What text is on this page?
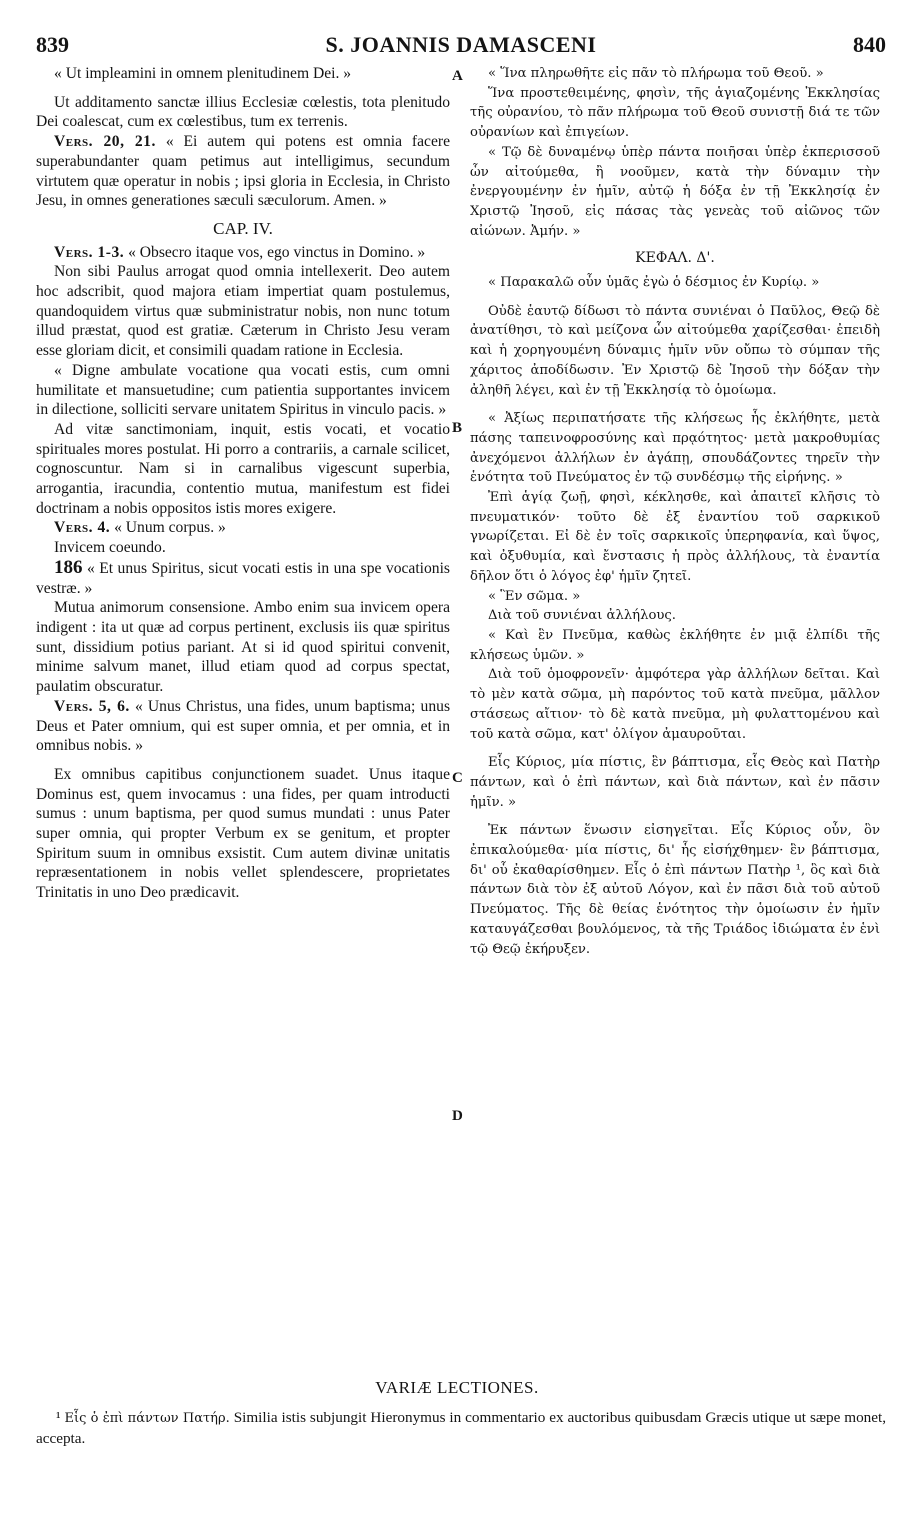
839	S. JOANNIS DAMASCENI	840

« Ut impleamini in omnem plenitudinem Dei. »

Ut additamento sanctæ illius Ecclesiæ cœlestis, tota plenitudo Dei coalescat, cum ex cœlestibus, tum ex terrenis.

Vers. 20, 21. « Ei autem qui potens est omnia facere superabundanter quam petimus aut intelligimus, secundum virtutem quæ operatur in nobis ; ipsi gloria in Ecclesia, in Christo Jesu, in omnes generationes sæculi sæculorum. Amen. »

CAP. IV.

Vers. 1-3. « Obsecro itaque vos, ego vinctus in Domino. »

Non sibi Paulus arrogat quod omnia intellexerit. Deo autem hoc adscribit, quod majora etiam impertiat quam postulemus, quandoquidem virtus quæ subministratur nobis, non nunc totum illud præstat, quod est gratiæ. Cæterum in Christo Jesu veram esse gloriam dicit, et consimili quadam ratione in Ecclesia.

« Digne ambulate vocatione qua vocati estis, cum omni humilitate et mansuetudine; cum patientia supportantes invicem in dilectione, solliciti servare unitatem Spiritus in vinculo pacis. »

Ad vitæ sanctimoniam, inquit, estis vocati, et vocatio spirituales mores postulat. Hi porro a contrariis, a carnale scilicet, cognoscuntur. Nam si in carnalibus vigescunt superbia, arrogantia, iracundia, contentio mutua, manifestum est fidei doctrinam a nobis oppositos istis mores exigere.

Vers. 4. « Unum corpus. »

Invicem coeundo.

186 « Et unus Spiritus, sicut vocati estis in una spe vocationis vestræ. »

Mutua animorum consensione. Ambo enim sua invicem opera indigent : ita ut quæ ad corpus pertinent, exclusis iis quæ spiritus sunt, dissidium potius pariant. At si id quod spiritui convenit, minime salvum manet, illud etiam quod ad corpus spectat, paulatim obscuratur.

Vers. 5, 6. « Unus Christus, una fides, unum baptisma; unus Deus et Pater omnium, qui est super omnia, et per omnia, et in omnibus nobis. »

Ex omnibus capitibus conjunctionem suadet. Unus itaque Dominus est, quem invocamus : una fides, per quam introducti sumus : unum baptisma, per quod sumus mundati : unus Pater super omnia, qui propter Verbum ex se genitum, et propter Spiritum suum in omnibus exsistit. Cum autem divinæ unitatis repræsentationem in nobis vellet splendescere, proprietates Trinitatis in uno Deo prædicavit.

A
B
C
D

« Ἵνα πληρωθῆτε εἰς πᾶν τὸ πλήρωμα τοῦ Θεοῦ. »

Ἵνα προστεθειμένης, φησὶν, τῆς ἁγιαζομένης Ἐκκλησίας τῆς οὐρανίου, τὸ πᾶν πλήρωμα τοῦ Θεοῦ συνιστῇ διά τε τῶν οὐρανίων καὶ ἐπιγείων.

« Τῷ δὲ δυναμένῳ ὑπὲρ πάντα ποιῆσαι ὑπὲρ ἐκπερισσοῦ ὧν αἰτούμεθα, ἢ νοοῦμεν, κατὰ τὴν δύναμιν τὴν ἐνεργουμένην ἐν ἡμῖν, αὐτῷ ἡ δόξα ἐν τῇ Ἐκκλησίᾳ ἐν Χριστῷ Ἰησοῦ, εἰς πάσας τὰς γενεὰς τοῦ αἰῶνος τῶν αἰώνων. Ἀμήν. »

ΚΕΦΑΛ. Δ'.

« Παρακαλῶ οὖν ὑμᾶς ἐγὼ ὁ δέσμιος ἐν Κυρίῳ. »

Οὐδὲ ἑαυτῷ δίδωσι τὸ πάντα συνιέναι ὁ Παῦλος, Θεῷ δὲ ἀνατίθησι, τὸ καὶ μείζονα ὧν αἰτούμεθα χαρίζεσθαι· ἐπειδὴ καὶ ἡ χορηγουμένη δύναμις ἡμῖν νῦν οὔπω τὸ σύμπαν τῆς χάριτος ἀποδίδωσιν. Ἐν Χριστῷ δὲ Ἰησοῦ τὴν δόξαν τὴν ἀληθῆ λέγει, καὶ ἐν τῇ Ἐκκλησίᾳ τὸ ὁμοίωμα.

« Ἀξίως περιπατήσατε τῆς κλήσεως ἧς ἐκλήθητε, μετὰ πάσης ταπεινοφροσύνης καὶ πρᾳότητος· μετὰ μακροθυμίας ἀνεχόμενοι ἀλλήλων ἐν ἀγάπῃ, σπουδάζοντες τηρεῖν τὴν ἑνότητα τοῦ Πνεύματος ἐν τῷ συνδέσμῳ τῆς εἰρήνης. »

Ἐπὶ ἁγίᾳ ζωῇ, φησὶ, κέκλησθε, καὶ ἀπαιτεῖ κλῆσις τὸ πνευματικόν· τοῦτο δὲ ἐξ ἐναντίου τοῦ σαρκικοῦ γνωρίζεται. Εἰ δὲ ἐν τοῖς σαρκικοῖς ὑπερηφανία, καὶ ὕψος, καὶ ὀξυθυμία, καὶ ἔνστασις ἡ πρὸς ἀλλήλους, τὰ ἐναντία δῆλον ὅτι ὁ λόγος ἐφ' ἡμῖν ζητεῖ.

« Ἓν σῶμα. »

Διὰ τοῦ συνιέναι ἀλλήλους.

« Καὶ ἓν Πνεῦμα, καθὼς ἐκλήθητε ἐν μιᾷ ἐλπίδι τῆς κλήσεως ὑμῶν. »

Διὰ τοῦ ὁμοφρονεῖν· ἀμφότερα γὰρ ἀλλήλων δεῖται. Καὶ τὸ μὲν κατὰ σῶμα, μὴ παρόντος τοῦ κατὰ πνεῦμα, μᾶλλον στάσεως αἴτιον· τὸ δὲ κατὰ πνεῦμα, μὴ φυλαττομένου καὶ τοῦ κατὰ σῶμα, κατ' ὀλίγον ἀμαυροῦται.

Εἷς Κύριος, μία πίστις, ἓν βάπτισμα, εἷς Θεὸς καὶ Πατὴρ πάντων, καὶ ὁ ἐπὶ πάντων, καὶ διὰ πάντων, καὶ ἐν πᾶσιν ἡμῖν. »

Ἐκ πάντων ἕνωσιν εἰσηγεῖται. Εἷς Κύριος οὖν, ὃν ἐπικαλούμεθα· μία πίστις, δι' ἧς εἰσήχθημεν· ἓν βάπτισμα, δι' οὗ ἐκαθαρίσθημεν. Εἷς ὁ ἐπὶ πάντων Πατὴρ ¹, ὃς καὶ διὰ πάντων διὰ τὸν ἐξ αὐτοῦ Λόγον, καὶ ἐν πᾶσι διὰ τοῦ αὐτοῦ Πνεύματος. Τῆς δὲ θείας ἑνότητος τὴν ὁμοίωσιν ἐν ἡμῖν καταυγάζεσθαι βουλόμενος, τὰ τῆς Τριάδος ἰδιώματα ἐν ἑνὶ τῷ Θεῷ ἐκήρυξεν.

VARIÆ LECTIONES.
¹ Εἷς ὁ ἐπὶ πάντων Πατήρ. Similia istis subjungit Hieronymus in commentario ex auctoribus quibusdam Græcis utique ut sæpe monet, accepta.
